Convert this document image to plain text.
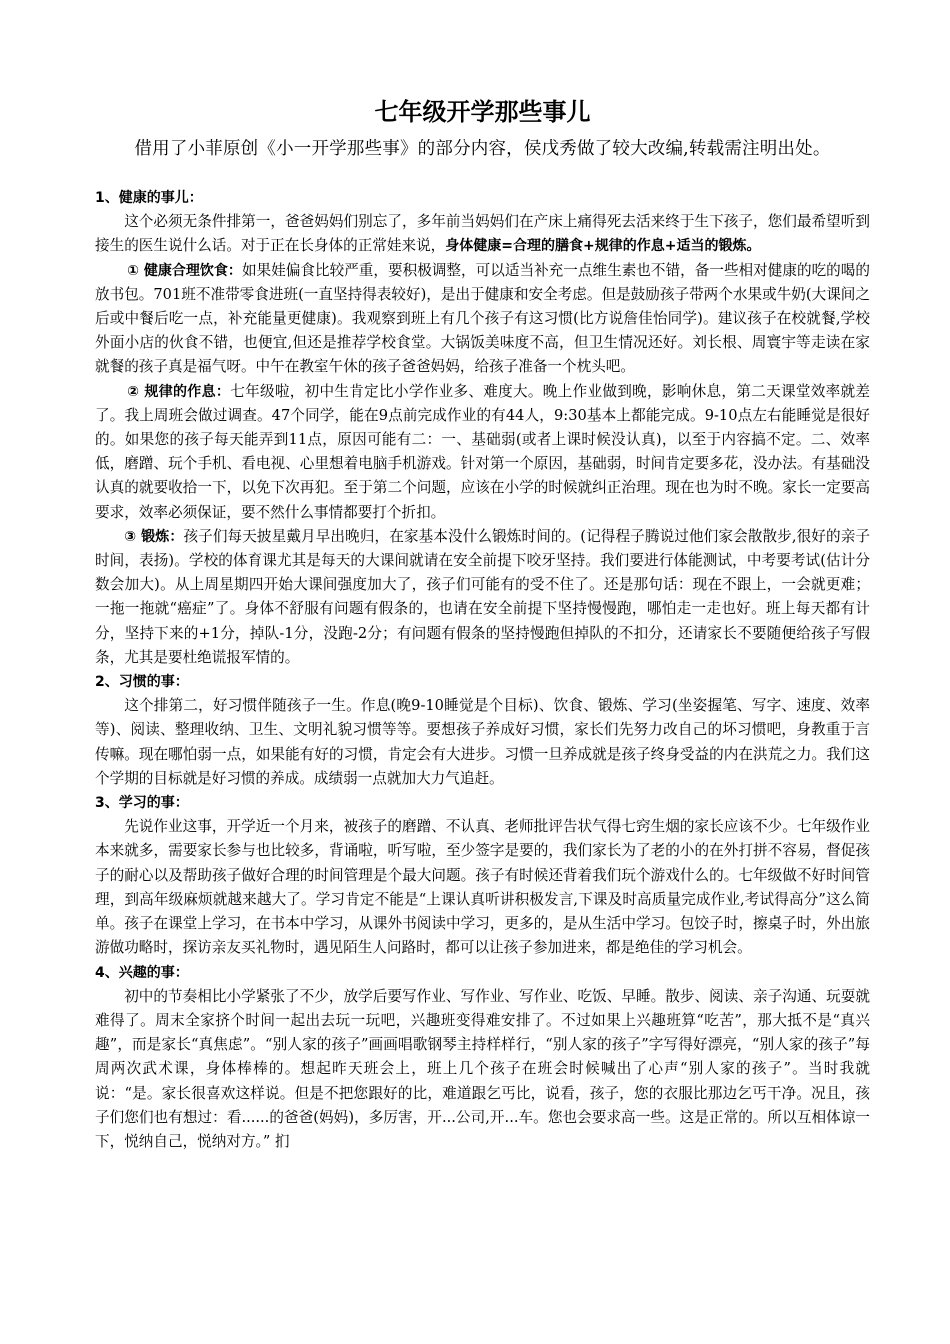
七年级开学那些事儿

借用了小菲原创《小一开学那些事》的部分内容，侯戊秀做了较大改编,转载需注明出处。

1、健康的事儿：

这个必须无条件排第一，爸爸妈妈们别忘了，多年前当妈妈们在产床上痛得死去活来终于生下孩子，您们最希望听到接生的医生说什么话。对于正在长身体的正常娃来说，身体健康=合理的膳食+规律的作息+适当的锻炼。

① 健康合理饮食：如果娃偏食比较严重，要积极调整，可以适当补充一点维生素也不错，备一些相对健康的吃的喝的放书包。701班不准带零食进班(一直坚持得表较好)，是出于健康和安全考虑。但是鼓励孩子带两个水果或牛奶(大课间之后或中餐后吃一点，补充能量更健康)。我观察到班上有几个孩子有这习惯(比方说詹佳怡同学)。建议孩子在校就餐,学校外面小店的伙食不错，也便宜,但还是推荐学校食堂。大锅饭美味度不高，但卫生情况还好。刘长根、周寰宇等走读在家就餐的孩子真是福气呀。中午在教室午休的孩子爸爸妈妈，给孩子准备一个枕头吧。

② 规律的作息：七年级啦，初中生肯定比小学作业多、难度大。晚上作业做到晚，影响休息，第二天课堂效率就差了。我上周班会做过调查。47个同学，能在9点前完成作业的有44人，9:30基本上都能完成。9-10点左右能睡觉是很好的。如果您的孩子每天能弄到11点，原因可能有二：一、基础弱(或者上课时候没认真)，以至于内容搞不定。二、效率低，磨蹭、玩个手机、看电视、心里想着电脑手机游戏。针对第一个原因，基础弱，时间肯定要多花，没办法。有基础没认真的就要收拾一下，以免下次再犯。至于第二个问题，应该在小学的时候就纠正治理。现在也为时不晚。家长一定要高要求，效率必须保证，要不然什么事情都要打个折扣。

③ 锻炼：孩子们每天披星戴月早出晚归，在家基本没什么锻炼时间的。(记得程子腾说过他们家会散散步,很好的亲子时间，表扬)。学校的体育课尤其是每天的大课间就请在安全前提下咬牙坚持。我们要进行体能测试，中考要考试(估计分数会加大)。从上周星期四开始大课间强度加大了，孩子们可能有的受不住了。还是那句话：现在不跟上，一会就更难；一拖一拖就“癌症”了。身体不舒服有问题有假条的，也请在安全前提下坚持慢慢跑，哪怕走一走也好。班上每天都有计分，坚持下来的+1分，掉队-1分，没跑-2分；有问题有假条的坚持慢跑但掉队的不扣分，还请家长不要随便给孩子写假条，尤其是要杜绝谎报军情的。

2、习惯的事：

这个排第二，好习惯伴随孩子一生。作息(晚9-10睡觉是个目标)、饮食、锻炼、学习(坐姿握笔、写字、速度、效率等)、阅读、整理收纳、卫生、文明礼貌习惯等等。要想孩子养成好习惯，家长们先努力改自己的坏习惯吧，身教重于言传嘛。现在哪怕弱一点，如果能有好的习惯，肯定会有大进步。习惯一旦养成就是孩子终身受益的内在洪荒之力。我们这个学期的目标就是好习惯的养成。成绩弱一点就加大力气追赶。

3、学习的事：

先说作业这事，开学近一个月来，被孩子的磨蹭、不认真、老师批评告状气得七窍生烟的家长应该不少。七年级作业本来就多，需要家长参与也比较多，背诵啦，听写啦，至少签字是要的，我们家长为了老的小的在外打拼不容易，督促孩子的耐心以及帮助孩子做好合理的时间管理是个最大问题。孩子有时候还背着我们玩个游戏什么的。七年级做不好时间管理，到高年级麻烦就越来越大了。学习肯定不能是“上课认真听讲积极发言,下课及时高质量完成作业,考试得高分”这么简单。孩子在课堂上学习，在书本中学习，从课外书阅读中学习，更多的，是从生活中学习。包饺子时，擦桌子时，外出旅游做功略时，探访亲友买礼物时，遇见陌生人问路时，都可以让孩子参加进来，都是绝佳的学习机会。

4、兴趣的事：

初中的节奏相比小学紧张了不少，放学后要写作业、写作业、写作业、吃饭、早睡。散步、阅读、亲子沟通、玩耍就难得了。周末全家挤个时间一起出去玩一玩吧，兴趣班变得难安排了。不过如果上兴趣班算“吃苦”，那大抵不是“真兴趣”，而是家长“真焦虑”。“别人家的孩子”画画唱歌钢琴主持样样行，“别人家的孩子”字写得好漂亮，“别人家的孩子”每周两次武术课，身体棒棒的。想起昨天班会上，班上几个孩子在班会时候喊出了心声“别人家的孩子”。当时我就说：“是。家长很喜欢这样说。但是不把您跟好的比，难道跟乞丐比，说看，孩子，您的衣服比那边乞丐干净。况且，孩子们您们也有想过：看......的爸爸(妈妈)，多厉害，开...公司,开...车。您也会要求高一些。这是正常的。所以互相体谅一下，悦纳自己，悦纳对方。” 扪
